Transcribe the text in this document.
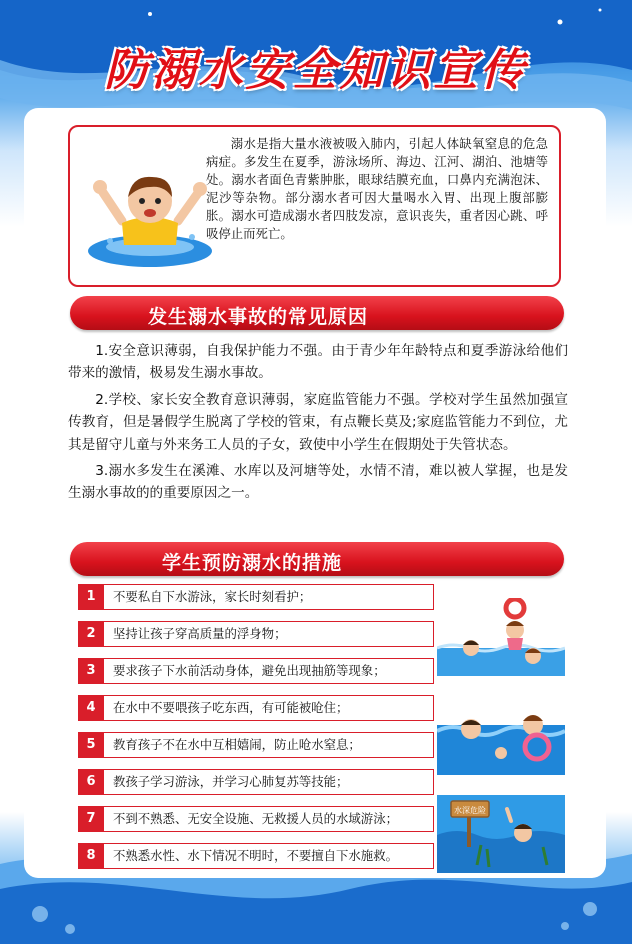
防溺水安全知识宣传
溺水是指大量水液被吸入肺内，引起人体缺氧窒息的危急病症。多发生在夏季，游泳场所、海边、江河、湖泊、池塘等处。溺水者面色青紫肿胀，眼球结膜充血，口鼻内充满泡沫、泥沙等杂物。部分溺水者可因大量喝水入胃、出现上腹部膨胀。溺水可造成溺水者四肢发凉，意识丧失，重者因心跳、呼吸停止而死亡。
发生溺水事故的常见原因

1.安全意识薄弱，自我保护能力不强。由于青少年年龄特点和夏季游泳给他们带来的激情，极易发生溺水事故。

2.学校、家长安全教育意识薄弱，家庭监管能力不强。学校对学生虽然加强宣传教育，但是暑假学生脱离了学校的管束，有点鞭长莫及;家庭监管能力不到位，尤其是留守儿童与外来务工人员的子女，致使中小学生在假期处于失管状态。

3.溺水多发生在溪滩、水库以及河塘等处，水情不清，难以被人掌握，也是发生溺水事故的的重要原因之一。

学生预防溺水的措施
1	不要私自下水游泳，家长时刻看护；
2	坚持让孩子穿高质量的浮身物；
3	要求孩子下水前活动身体，避免出现抽筋等现象；
4	在水中不要喂孩子吃东西，有可能被呛住；
5	教育孩子不在水中互相嬉闹，防止呛水窒息；
6	教孩子学习游泳，并学习心肺复苏等技能；
7	不到不熟悉、无安全设施、无救援人员的水域游泳；
8	不熟悉水性、水下情况不明时，不要擅自下水施救。
水深危险
